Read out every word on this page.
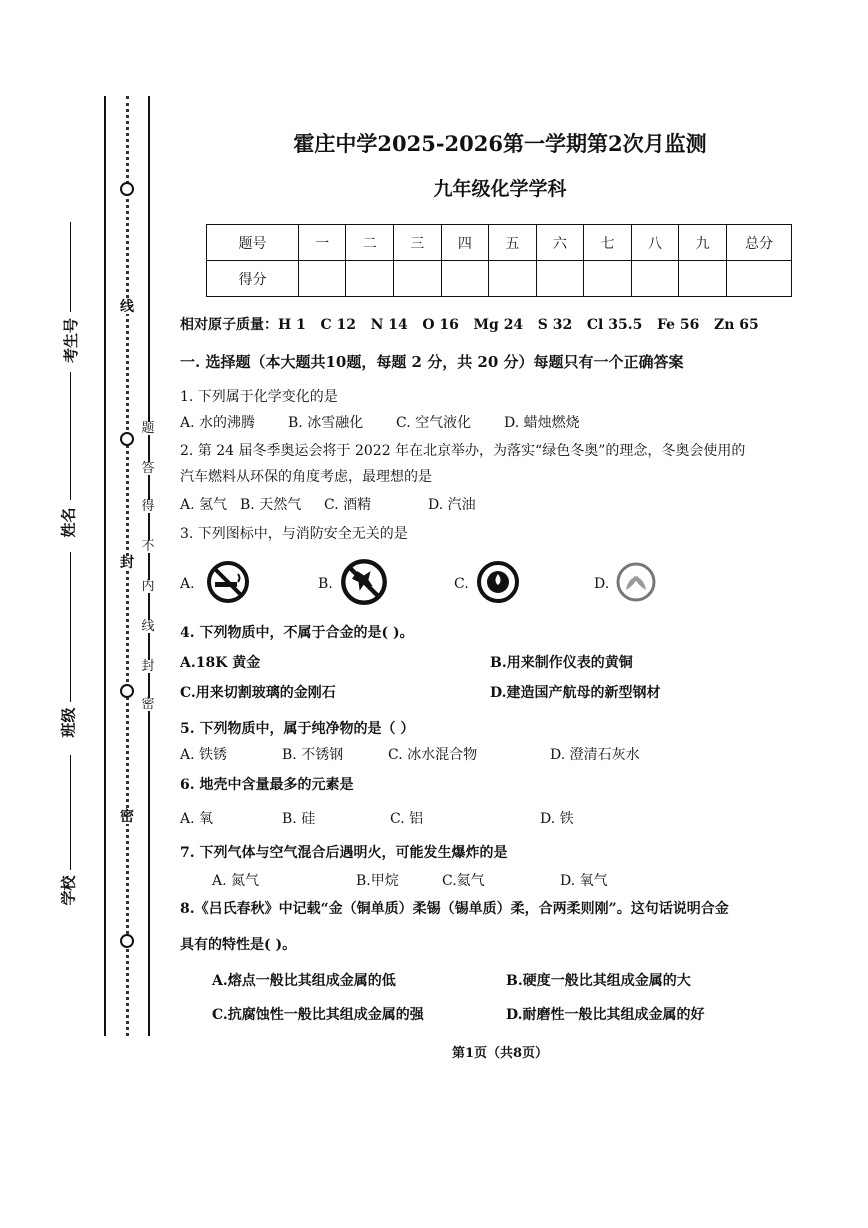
考生号
姓名
班级
学校
线
封
密
题
答
得
不
内
线
封
密
霍庄中学2025-2026第一学期第2次月监测
九年级化学学科
题号	一	二	三	四	五	六	七	八	九	总分
得分										
相对原子质量：H 1   C 12   N 14   O 16   Mg 24   S 32   Cl 35.5   Fe 56   Zn 65
一. 选择题（本大题共10题，每题 2 分，共 20 分）每题只有一个正确答案
1. 下列属于化学变化的是
A. 水的沸腾 B. 冰雪融化 C. 空气液化 D. 蜡烛燃烧
2. 第 24 届冬季奥运会将于 2022 年在北京举办，为落实“绿色冬奥”的理念，冬奥会使用的
汽车燃料从环保的角度考虑，最理想的是
A. 氢气 B. 天然气 C. 酒精	D. 汽油
3. 下列图标中，与消防安全无关的是
A.	B.	C.	D.
4. 下列物质中，不属于合金的是( )。
A.18K 黄金	B.用来制作仪表的黄铜
C.用来切割玻璃的金刚石	D.建造国产航母的新型钢材
5. 下列物质中，属于纯净物的是（ ）
A. 铁锈	B. 不锈钢	C. 冰水混合物	D. 澄清石灰水
6. 地壳中含量最多的元素是
A. 氧	B. 硅	C. 铝	D. 铁
7. 下列气体与空气混合后遇明火，可能发生爆炸的是
A. 氮气	B.甲烷	C.氦气	D. 氧气
8.《吕氏春秋》中记载“金（铜单质）柔锡（锡单质）柔，合两柔则刚”。这句话说明合金
具有的特性是( )。
A.熔点一般比其组成金属的低	B.硬度一般比其组成金属的大
C.抗腐蚀性一般比其组成金属的强	D.耐磨性一般比其组成金属的好
第1页（共8页）
